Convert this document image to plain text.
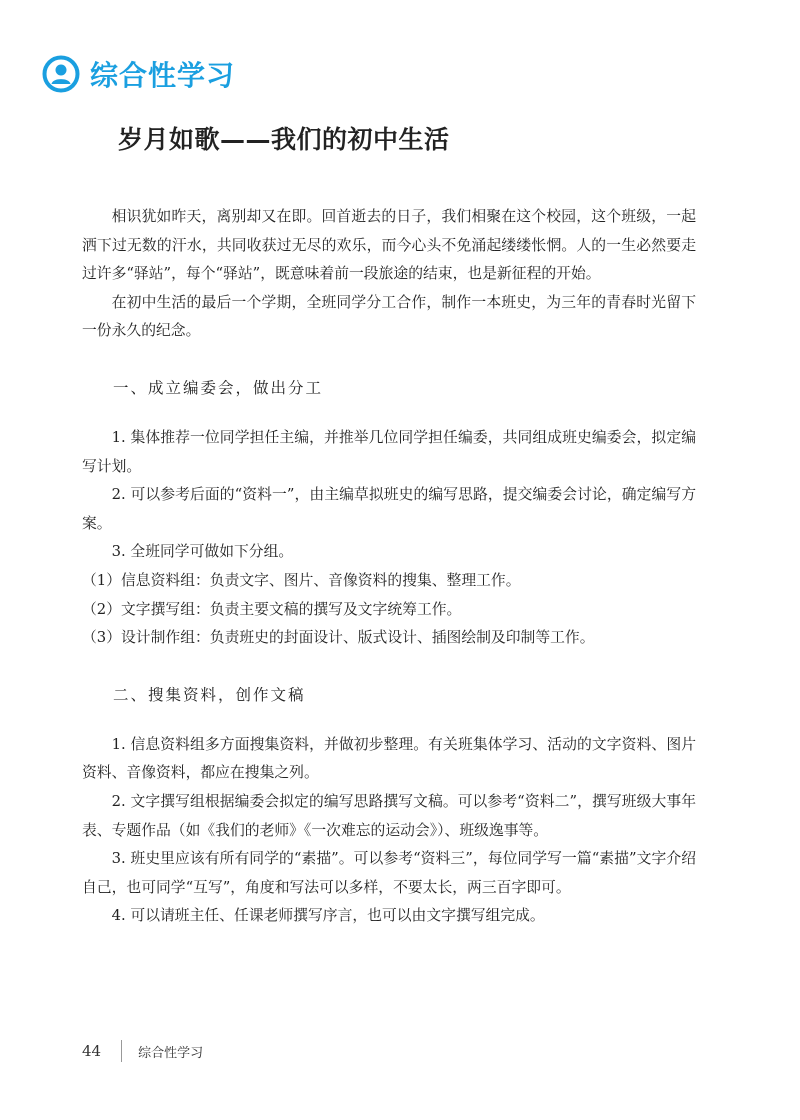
综合性学习
岁月如歌——我们的初中生活

相识犹如昨天，离别却又在即。回首逝去的日子，我们相聚在这个校园，这个班级，一起洒下过无数的汗水，共同收获过无尽的欢乐，而今心头不免涌起缕缕怅惘。人的一生必然要走过许多“驿站”，每个“驿站”，既意味着前一段旅途的结束，也是新征程的开始。

在初中生活的最后一个学期，全班同学分工合作，制作一本班史，为三年的青春时光留下一份永久的纪念。

一、成立编委会，做出分工

1. 集体推荐一位同学担任主编，并推举几位同学担任编委，共同组成班史编委会，拟定编写计划。

2. 可以参考后面的“资料一”，由主编草拟班史的编写思路，提交编委会讨论，确定编写方案。

3. 全班同学可做如下分组。

（1）信息资料组：负责文字、图片、音像资料的搜集、整理工作。

（2）文字撰写组：负责主要文稿的撰写及文字统筹工作。

（3）设计制作组：负责班史的封面设计、版式设计、插图绘制及印制等工作。

二、搜集资料，创作文稿

1. 信息资料组多方面搜集资料，并做初步整理。有关班集体学习、活动的文字资料、图片资料、音像资料，都应在搜集之列。

2. 文字撰写组根据编委会拟定的编写思路撰写文稿。可以参考“资料二”，撰写班级大事年表、专题作品（如《我们的老师》《一次难忘的运动会》）、班级逸事等。

3. 班史里应该有所有同学的“素描”。可以参考“资料三”，每位同学写一篇“素描”文字介绍自己，也可同学“互写”，角度和写法可以多样，不要太长，两三百字即可。

4. 可以请班主任、任课老师撰写序言，也可以由文字撰写组完成。

44	综合性学习
